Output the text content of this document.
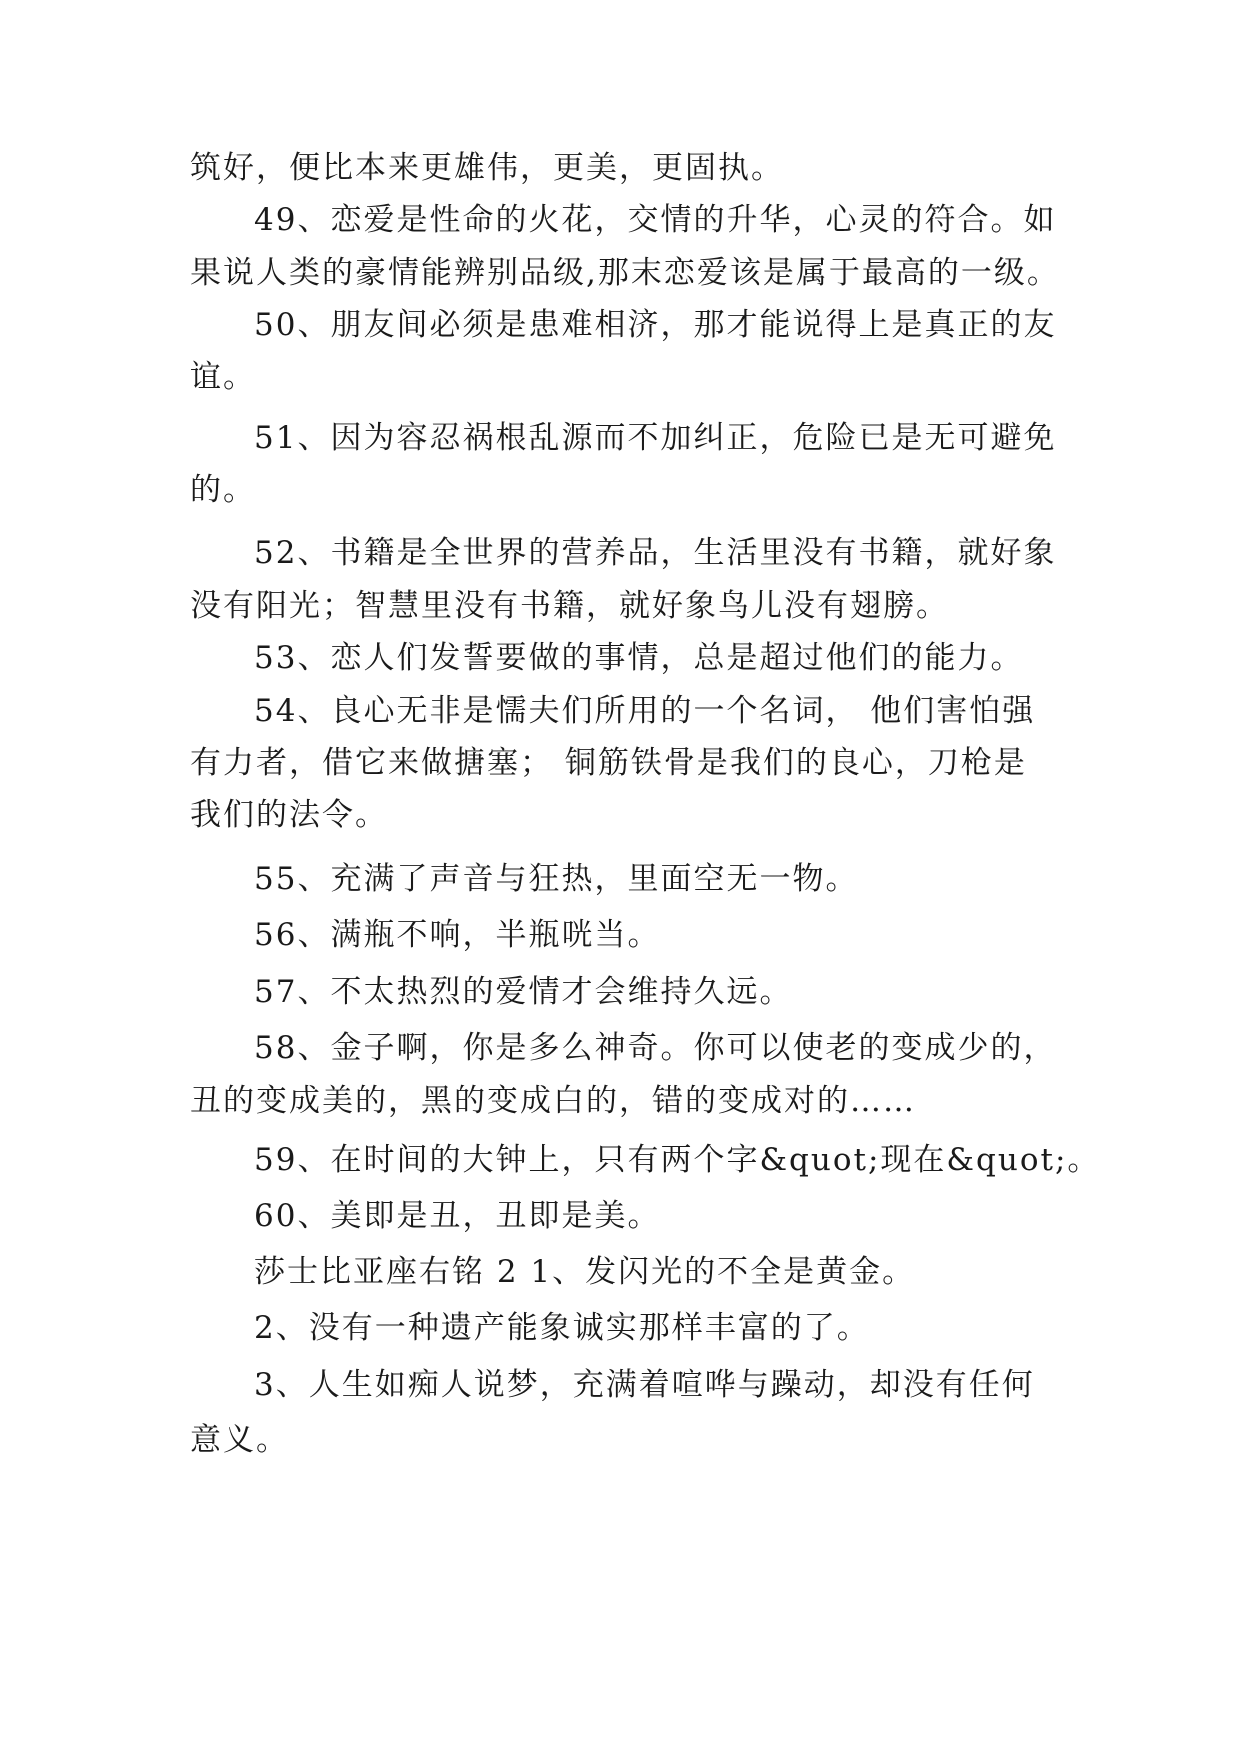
筑好，便比本来更雄伟，更美，更固执。
49、恋爱是性命的火花，交情的升华，心灵的符合。如
果说人类的豪情能辨别品级,那末恋爱该是属于最高的一级。
50、朋友间必须是患难相济，那才能说得上是真正的友
谊。
51、因为容忍祸根乱源而不加纠正，危险已是无可避免
的。
52、书籍是全世界的营养品，生活里没有书籍，就好象
没有阳光；智慧里没有书籍，就好象鸟儿没有翅膀。
53、恋人们发誓要做的事情，总是超过他们的能力。
54、良心无非是懦夫们所用的一个名词， 他们害怕强
有力者，借它来做搪塞； 铜筋铁骨是我们的良心，刀枪是
我们的法令。
55、充满了声音与狂热，里面空无一物。
56、满瓶不响，半瓶咣当。
57、不太热烈的爱情才会维持久远。
58、金子啊，你是多么神奇。你可以使老的变成少的，
丑的变成美的，黑的变成白的，错的变成对的……
59、在时间的大钟上，只有两个字&quot;现在&quot;。
60、美即是丑，丑即是美。
莎士比亚座右铭 2 1、发闪光的不全是黄金。
2、没有一种遗产能象诚实那样丰富的了。
3、人生如痴人说梦，充满着喧哗与躁动，却没有任何
意义。
